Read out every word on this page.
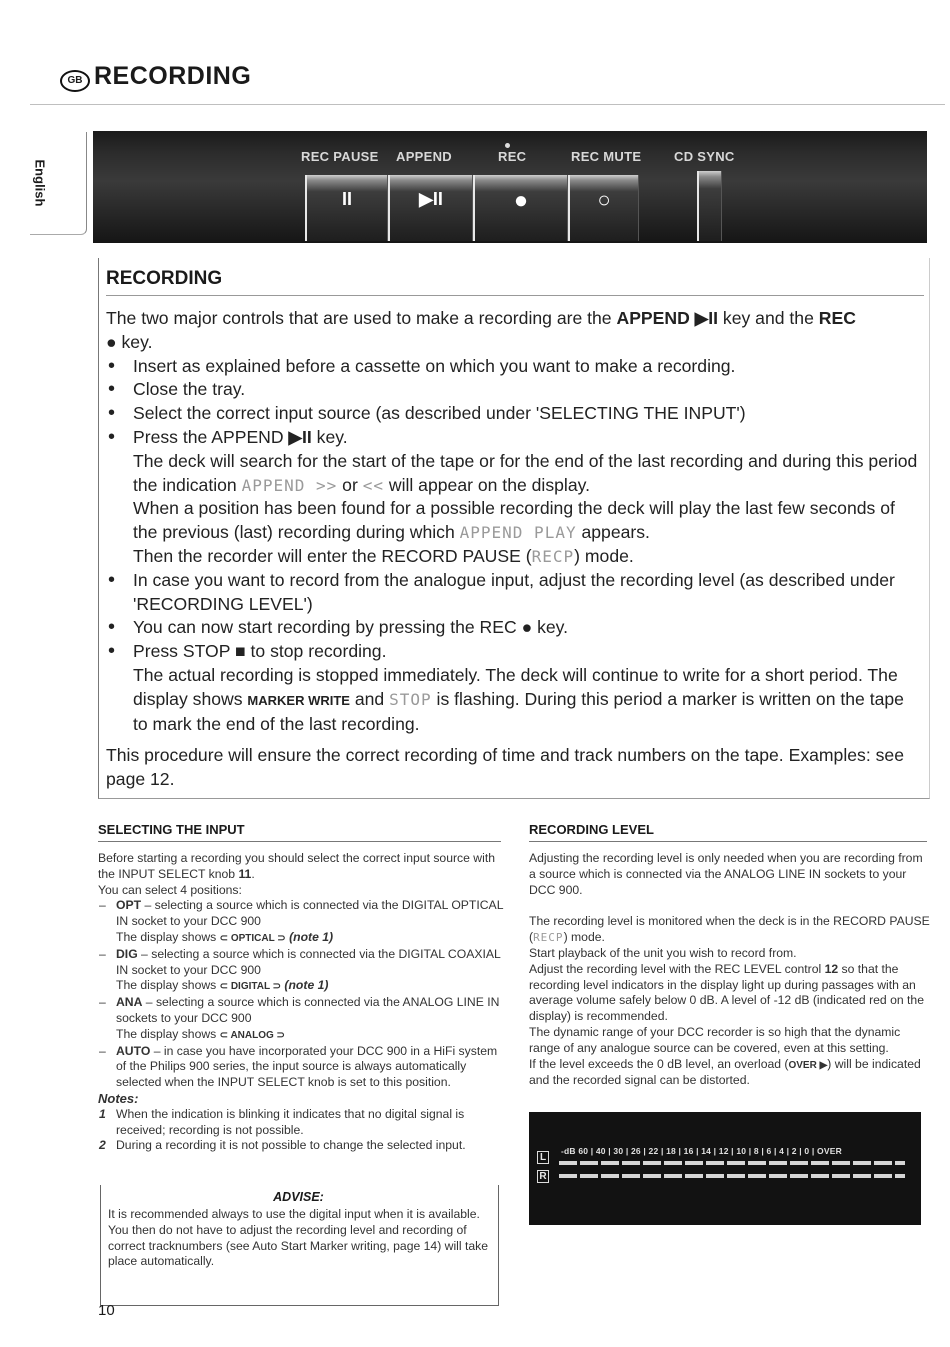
GB RECORDING
English
REC PAUSE APPEND	REC	REC MUTE	CD SYNC
II	▶II	●	○
RECORDING

The two major controls that are used to make a recording are the APPEND ▶II key and the REC
● key.

• Insert as explained before a cassette on which you want to make a recording.

• Close the tray.

• Select the correct input source (as described under 'SELECTING THE INPUT')

• Press the APPEND ▶II key.

The deck will search for the start of the tape or for the end of the last recording and during this period the indication APPEND >> or << will appear on the display.

When a position has been found for a possible recording the deck will play the last few seconds of the previous (last) recording during which APPEND PLAY appears.

Then the recorder will enter the RECORD PAUSE (RECP) mode.

• In case you want to record from the analogue input, adjust the recording level (as described under 'RECORDING LEVEL')

• You can now start recording by pressing the REC ● key.

• Press STOP ■ to stop recording.

The actual recording is stopped immediately. The deck will continue to write for a short period. The display shows MARKER WRITE and STOP is flashing. During this period a marker is written on the tape to mark the end of the last recording.

This procedure will ensure the correct recording of time and track numbers on the tape. Examples: see page 12.

SELECTING THE INPUT

Before starting a recording you should select the correct input source with the INPUT SELECT knob 11.

You can select 4 positions:

– OPT – selecting a source which is connected via the DIGITAL OPTICAL IN socket to your DCC 900

The display shows ⊂ OPTICAL ⊃ (note 1)

– DIG – selecting a source which is connected via the DIGITAL COAXIAL IN socket to your DCC 900

The display shows ⊂ DIGITAL ⊃ (note 1)

– ANA – selecting a source which is connected via the ANALOG LINE IN sockets to your DCC 900

The display shows ⊂ ANALOG ⊃

– AUTO – in case you have incorporated your DCC 900 in a HiFi system of the Philips 900 series, the input source is always automatically selected when the INPUT SELECT knob is set to this position.

Notes:

1 When the indication is blinking it indicates that no digital signal is received; recording is not possible.

2 During a recording it is not possible to change the selected input.

ADVISE:
It is recommended always to use the digital input when it is available. You then do not have to adjust the recording level and recording of correct tracknumbers (see Auto Start Marker writing, page 14) will take place automatically.
RECORDING LEVEL

Adjusting the recording level is only needed when you are recording from a source which is connected via the ANALOG LINE IN sockets to your DCC 900.

The recording level is monitored when the deck is in the RECORD PAUSE (RECP) mode.

Start playback of the unit you wish to record from.

Adjust the recording level with the REC LEVEL control 12 so that the recording level indicators in the display light up during passages with an average volume safely below 0 dB. A level of -12 dB (indicated red on the display) is recommended.

The dynamic range of your DCC recorder is so high that the dynamic range of any analogue source can be covered, even at this setting.

If the level exceeds the 0 dB level, an overload (OVER ▶) will be indicated and the recorded signal can be distorted.

L
R
-dB 60 | 40 | 30 | 26 | 22 | 18 | 16 | 14 | 12 | 10 | 8 | 6 | 4 | 2 | 0 | OVER
10
